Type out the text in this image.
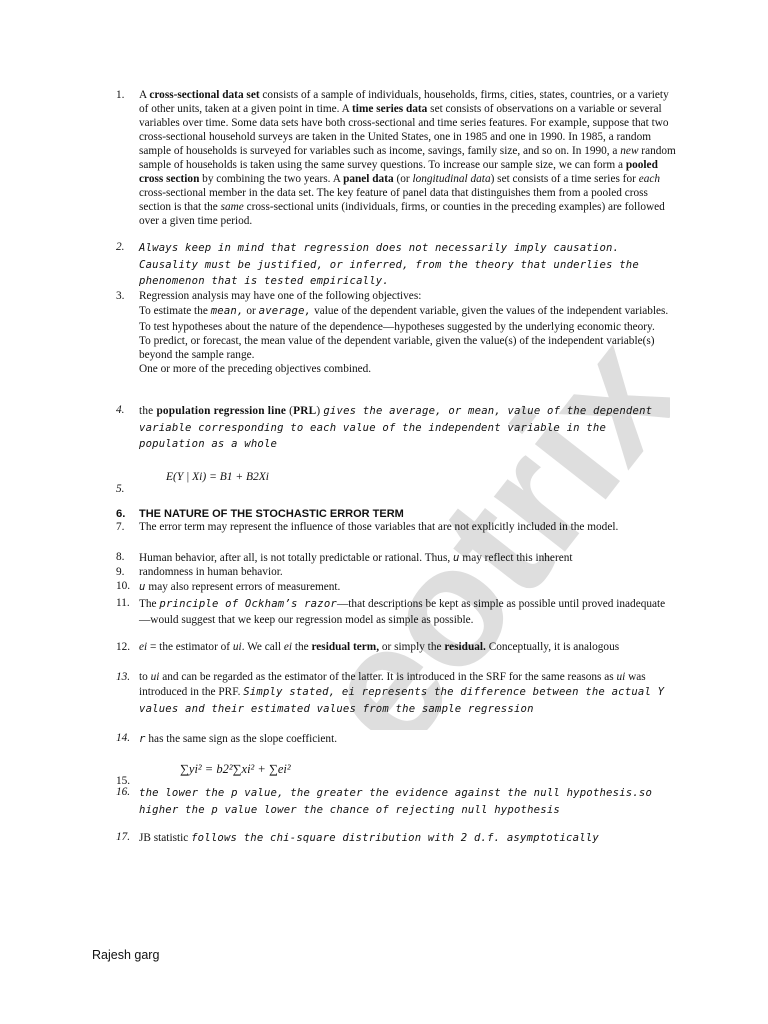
eotrix
1.	A cross-sectional data set consists of a sample of individuals, households, firms, cities, states, countries, or a variety of other units, taken at a given point in time. A time series data set consists of observations on a variable or several variables over time. Some data sets have both cross-sectional and time series features. For example, suppose that two cross-sectional household surveys are taken in the United States, one in 1985 and one in 1990. In 1985, a random sample of households is surveyed for variables such as income, savings, family size, and so on. In 1990, a new random sample of households is taken using the same survey questions. To increase our sample size, we can form a pooled cross section by combining the two years. A panel data (or longitudinal data) set consists of a time series for each cross-sectional member in the data set. The key feature of panel data that distinguishes them from a pooled cross section is that the same cross-sectional units (individuals, firms, or counties in the preceding examples) are followed over a given time period.
2.	Always keep in mind that regression does not necessarily imply causation. Causality must be justified, or inferred, from the theory that underlies the phenomenon that is tested empirically.
3.	Regression analysis may have one of the following objectives:
To estimate the mean, or average, value of the dependent variable, given the values of the independent variables.
To test hypotheses about the nature of the dependence—hypotheses suggested by the underlying economic theory.
To predict, or forecast, the mean value of the dependent variable, given the value(s) of the independent variable(s) beyond the sample range.
One or more of the preceding objectives combined.
4.	the population regression line (PRL) gives the average, or mean, value of the dependent variable corresponding to each value of the independent variable in the population as a whole
5.
E(Y | Xi) = B1 + B2Xi
6.	THE NATURE OF THE STOCHASTIC ERROR TERM
7.	The error term may represent the influence of those variables that are not explicitly included in the model.
8.	Human behavior, after all, is not totally predictable or rational. Thus, u may reflect this inherent
9.	randomness in human behavior.
10. u may also represent errors of measurement.
11. The principle of Ockham’s razor—that descriptions be kept as simple as possible until proved inadequate—would suggest that we keep our regression model as simple as possible.
12. ei = the estimator of ui. We call ei the residual term, or simply the residual. Conceptually, it is analogous
13. to ui and can be regarded as the estimator of the latter. It is introduced in the SRF for the same reasons as ui was introduced in the PRF. Simply stated, ei represents the difference between the actual Y values and their estimated values from the sample regression
14. r has the same sign as the slope coefficient.
15.
∑yi² = b2²∑xi² + ∑ei²
16. the lower the p value, the greater the evidence against the null hypothesis.so higher the p value lower the chance of rejecting null hypothesis
17. JB statistic follows the chi-square distribution with 2 d.f. asymptotically
Rajesh garg
